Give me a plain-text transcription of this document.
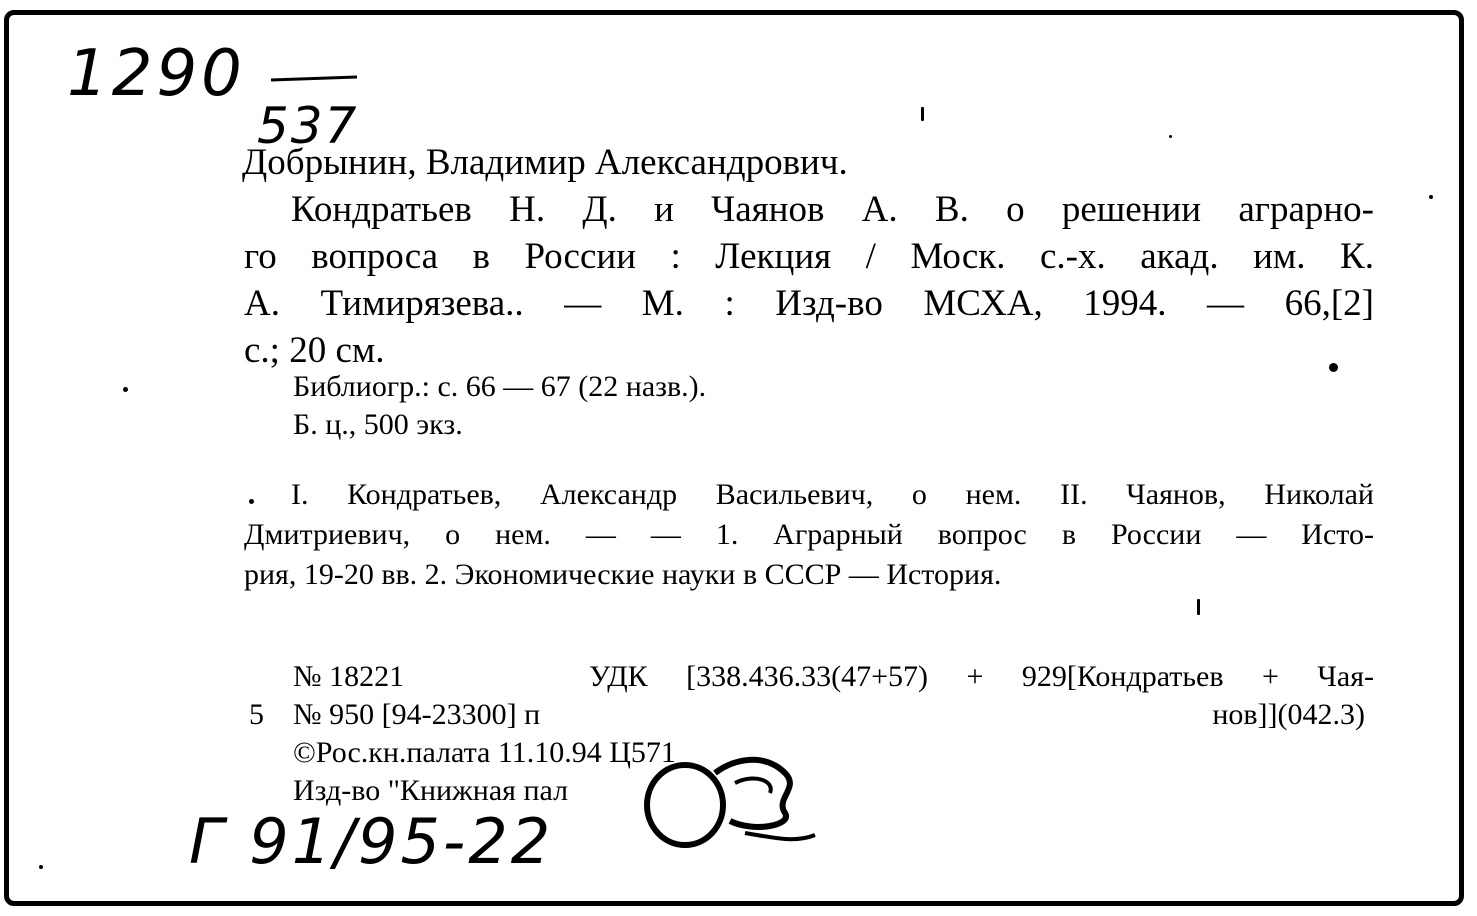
1290
537
Добрынин, Владимир Александрович.
Кондратьев Н. Д. и Чаянов А. В. о решении аграрно-
го вопроса в России : Лекция / Моск. с.-х. акад. им. К.
А. Тимирязева.. — М. : Изд-во МСХА, 1994. — 66,[2]
с.; 20 см.
Библиогр.: с. 66 — 67 (22 назв.).
Б. ц., 500 экз.
I. Кондратьев, Александр Васильевич, о нем. II. Чаянов, Николай
Дмитриевич, о нем. — — 1. Аграрный вопрос в России — Исто-
рия, 19-20 вв. 2. Экономические науки в СССР — История.
№ 18221	УДК [338.436.33(47+57) + 929[Кондратьев + Чая-
5 № 950 [94-23300] п	нов]](042.3)
©Рос.кн.палата 11.10.94 Ц571
Изд-во "Книжная пал
Г 91/95-22
